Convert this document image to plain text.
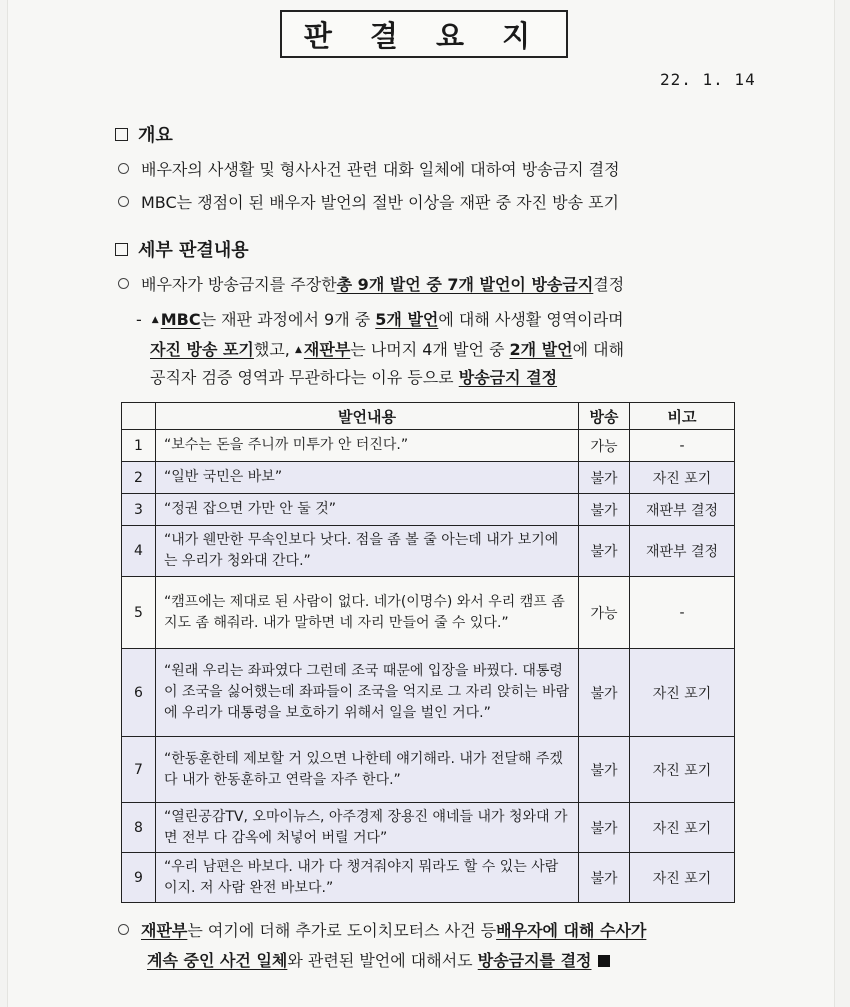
판 결 요 지
22. 1. 14
개요
배우자의 사생활 및 형사사건 관련 대화 일체에 대하여 방송금지 결정
MBC는 쟁점이 된 배우자 발언의 절반 이상을 재판 중 자진 방송 포기
세부 판결내용
배우자가 방송금지를 주장한 총 9개 발언 중 7개 발언이 방송금지 결정
- ▲ MBC는 재판 과정에서 9개 중 5개 발언에 대해 사생활 영역이라며
자진 방송 포기했고, ▲ 재판부는 나머지 4개 발언 중 2개 발언에 대해
공직자 검증 영역과 무관하다는 이유 등으로 방송금지 결정
	발언내용	방송	비고
1	“보수는 돈을 주니까 미투가 안 터진다.”	가능	-
2	“일반 국민은 바보”	불가	자진 포기
3	“정권 잡으면 가만 안 둘 것”	불가	재판부 결정
4	“내가 웬만한 무속인보다 낫다. 점을 좀 볼 줄 아는데 내가 보기에는 우리가 청와대 간다.”	불가	재판부 결정
5	“캠프에는 제대로 된 사람이 없다. 네가(이명수) 와서 우리 캠프 좀 지도 좀 해줘라. 내가 말하면 네 자리 만들어 줄 수 있다.”	가능	-
6	“원래 우리는 좌파였다 그런데 조국 때문에 입장을 바꿨다. 대통령이 조국을 싫어했는데 좌파들이 조국을 억지로 그 자리 앉히는 바람에 우리가 대통령을 보호하기 위해서 일을 벌인 거다.”	불가	자진 포기
7	“한동훈한테 제보할 거 있으면 나한테 얘기해라. 내가 전달해 주겠다 내가 한동훈하고 연락을 자주 한다.”	불가	자진 포기
8	“열린공감TV, 오마이뉴스, 아주경제 장용진 얘네들 내가 청와대 가면 전부 다 감옥에 처넣어 버릴 거다”	불가	자진 포기
9	“우리 남편은 바보다. 내가 다 챙겨줘야지 뭐라도 할 수 있는 사람이지. 저 사람 완전 바보다.”	불가	자진 포기
재판부 는 여기에 더해 추가로 도이치모터스 사건 등 배우자에 대해 수사가
계속 중인 사건 일체와 관련된 발언에 대해서도 방송금지를 결정
